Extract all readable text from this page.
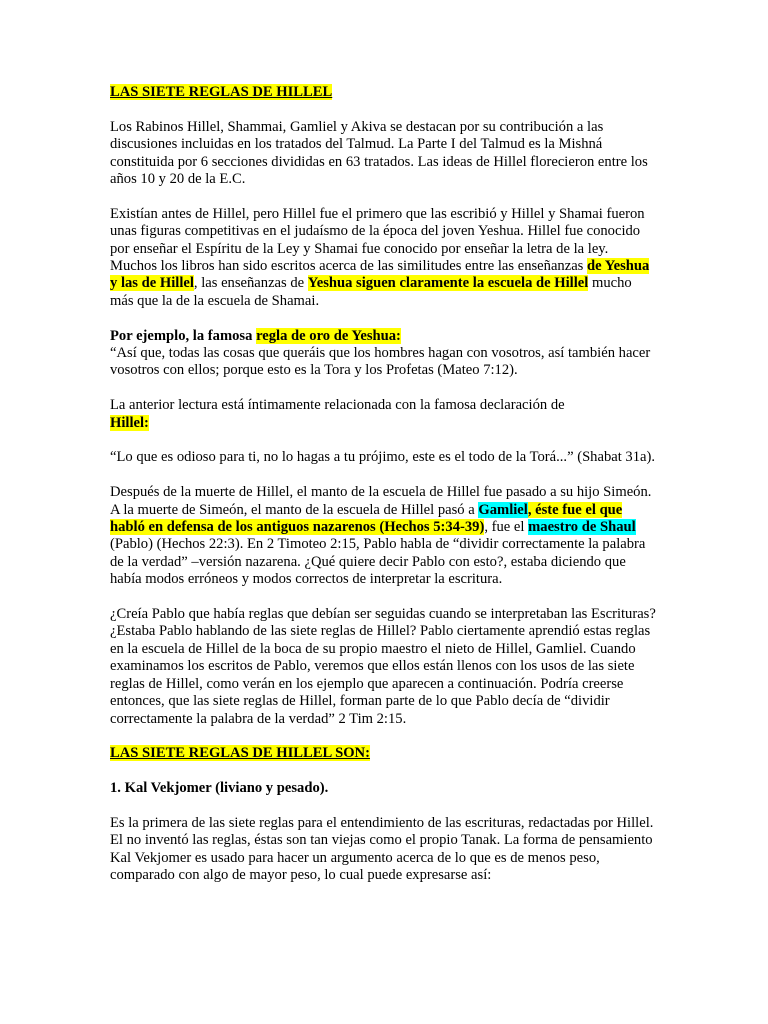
LAS SIETE REGLAS DE HILLEL

Los Rabinos Hillel, Shammai, Gamliel y Akiva se destacan por su contribución a las discusiones incluidas en los tratados del Talmud. La Parte I del Talmud es la Mishná constituida por 6 secciones divididas en 63 tratados. Las ideas de Hillel florecieron entre los años 10 y 20 de la E.C.

Existían antes de Hillel, pero Hillel fue el primero que las escribió y Hillel y Shamai fueron unas figuras competitivas en el judaísmo de la época del joven Yeshua. Hillel fue conocido por enseñar el Espíritu de la Ley y Shamai fue conocido por enseñar la letra de la ley. Muchos los libros han sido escritos acerca de las similitudes entre las enseñanzas de Yeshua y las de Hillel, las enseñanzas de Yeshua siguen claramente la escuela de Hillel mucho más que la de la escuela de Shamai.

Por ejemplo, la famosa regla de oro de Yeshua:
“Así que, todas las cosas que queráis que los hombres hagan con vosotros, así también hacer vosotros con ellos; porque esto es la Tora y los Profetas (Mateo 7:12).

La anterior lectura está íntimamente relacionada con la famosa declaración de
Hillel:

“Lo que es odioso para ti, no lo hagas a tu prójimo, este es el todo de la Torá...” (Shabat 31a).

Después de la muerte de Hillel, el manto de la escuela de Hillel fue pasado a su hijo Simeón. A la muerte de Simeón, el manto de la escuela de Hillel pasó a Gamliel, éste fue el que habló en defensa de los antiguos nazarenos (Hechos 5:34-39), fue el maestro de Shaul (Pablo) (Hechos 22:3). En 2 Timoteo 2:15, Pablo habla de “dividir correctamente la palabra de la verdad” –versión nazarena. ¿Qué quiere decir Pablo con esto?, estaba diciendo que había modos erróneos y modos correctos de interpretar la escritura.

¿Creía Pablo que había reglas que debían ser seguidas cuando se interpretaban las Escrituras? ¿Estaba Pablo hablando de las siete reglas de Hillel? Pablo ciertamente aprendió estas reglas en la escuela de Hillel de la boca de su propio maestro el nieto de Hillel, Gamliel. Cuando examinamos los escritos de Pablo, veremos que ellos están llenos con los usos de las siete reglas de Hillel, como verán en los ejemplo que aparecen a continuación. Podría creerse entonces, que las siete reglas de Hillel, forman parte de lo que Pablo decía de “dividir correctamente la palabra de la verdad” 2 Tim 2:15.

LAS SIETE REGLAS DE HILLEL SON:

1. Kal Vekjomer (liviano y pesado).

Es la primera de las siete reglas para el entendimiento de las escrituras, redactadas por Hillel. El no inventó las reglas, éstas son tan viejas como el propio Tanak. La forma de pensamiento Kal Vekjomer es usado para hacer un argumento acerca de lo que es de menos peso, comparado con algo de mayor peso, lo cual puede expresarse así:
